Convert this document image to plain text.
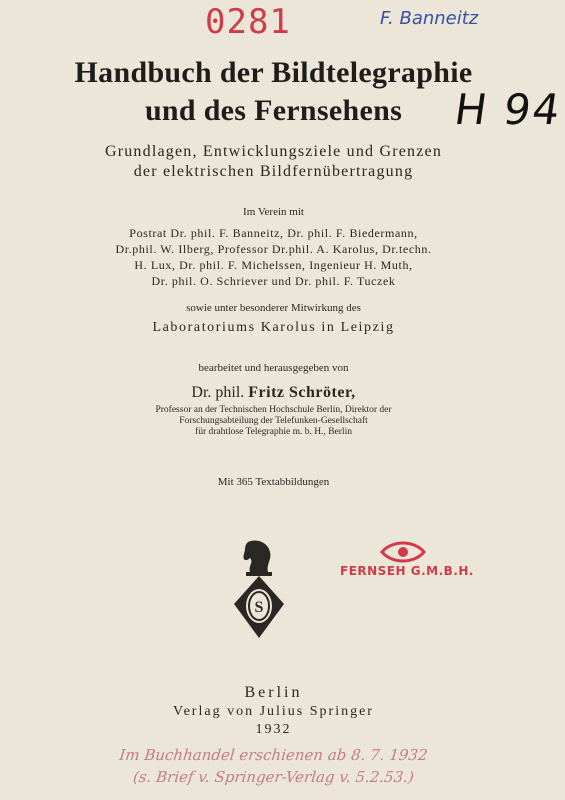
0281	F. Banneitz
H 94
Handbuch der Bildtelegraphie
und des Fernsehens
Grundlagen, Entwicklungsziele und Grenzen
der elektrischen Bildfernübertragung
Im Verein mit
Postrat Dr. phil. F. Banneitz, Dr. phil. F. Biedermann,
Dr.phil. W. Ilberg, Professor Dr.phil. A. Karolus, Dr.techn.
H. Lux, Dr. phil. F. Michelssen, Ingenieur H. Muth,
Dr. phil. O. Schriever und Dr. phil. F. Tuczek
sowie unter besonderer Mitwirkung des
Laboratoriums Karolus in Leipzig
bearbeitet und herausgegeben von
Dr. phil. Fritz Schröter,
Professor an der Technischen Hochschule Berlin, Direktor der
Forschungsabteilung der Telefunken-Gesellschaft
für drahtlose Telegraphie m. b. H., Berlin
Mit 365 Textabbildungen
S
FERNSEH G.M.B.H.
Berlin
Verlag von Julius Springer
1932
Im Buchhandel erschienen ab 8. 7. 1932
(s. Brief v. Springer-Verlag v. 5.2.53.)
